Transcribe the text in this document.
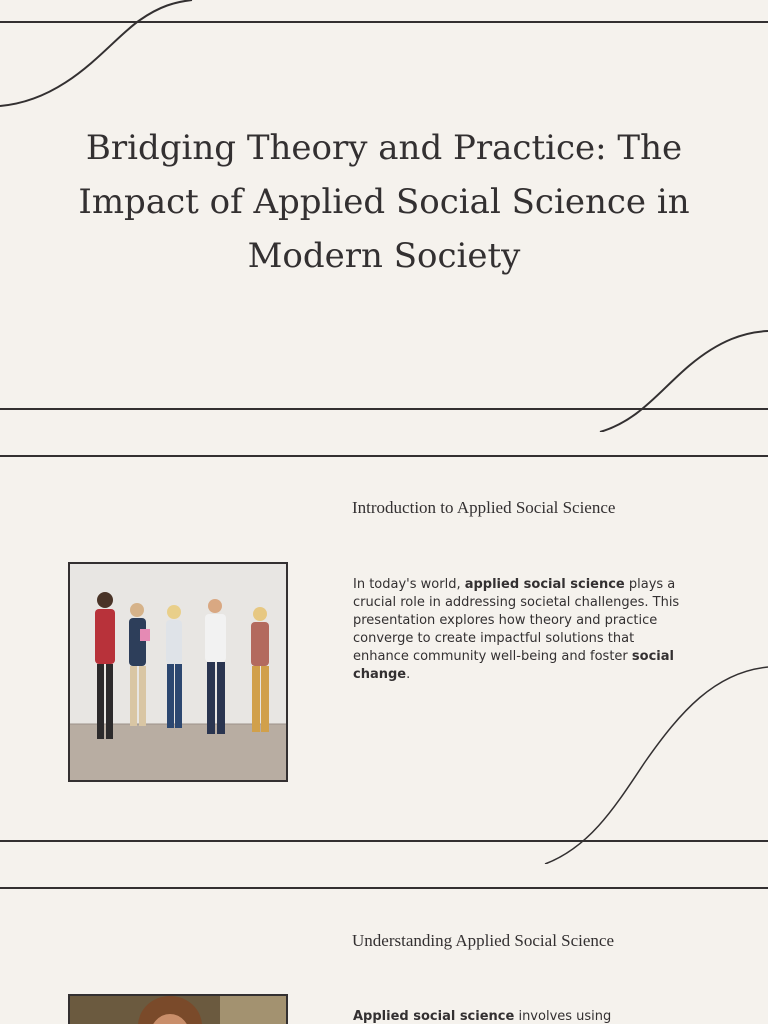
Bridging Theory and Practice: The Impact of Applied Social Science in Modern Society
Introduction to Applied Social Science

In today's world, applied social science plays a crucial role in addressing societal challenges. This presentation explores how theory and practice converge to create impactful solutions that enhance community well-being and foster social change.

Understanding Applied Social Science

Applied social science involves using
